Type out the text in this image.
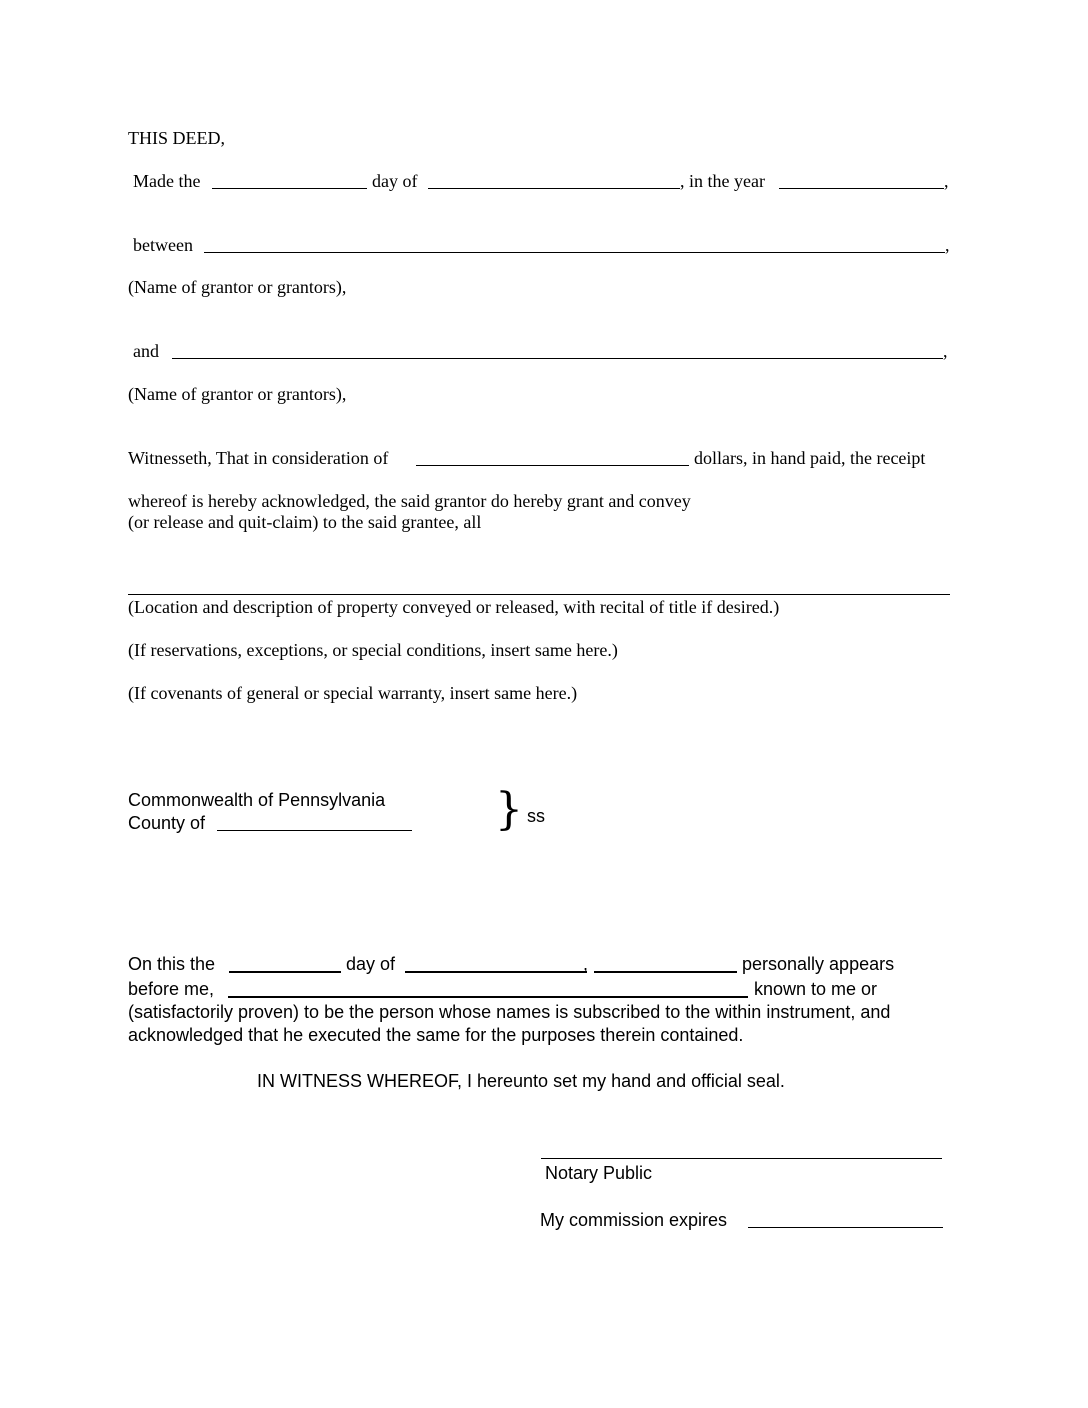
THIS DEED,
Made the	day of	, in the year	,
between	,
(Name of grantor or grantors),
and	,
(Name of grantor or grantors),
Witnesseth, That in consideration of	dollars, in hand paid, the receipt
whereof is hereby acknowledged, the said grantor do hereby grant and convey
(or release and quit-claim) to the said grantee, all
(Location and description of property conveyed or released, with recital of title if desired.)
(If reservations, exceptions, or special conditions, insert same here.)
(If covenants of general or special warranty, insert same here.)
Commonwealth of Pennsylvania
County of	} ss
On this the	day of	,	personally appears
before me,	known to me or
(satisfactorily proven) to be the person whose names is subscribed to the within instrument, and
acknowledged that he executed the same for the purposes therein contained.
IN WITNESS WHEREOF, I hereunto set my hand and official seal.
Notary Public
My commission expires
